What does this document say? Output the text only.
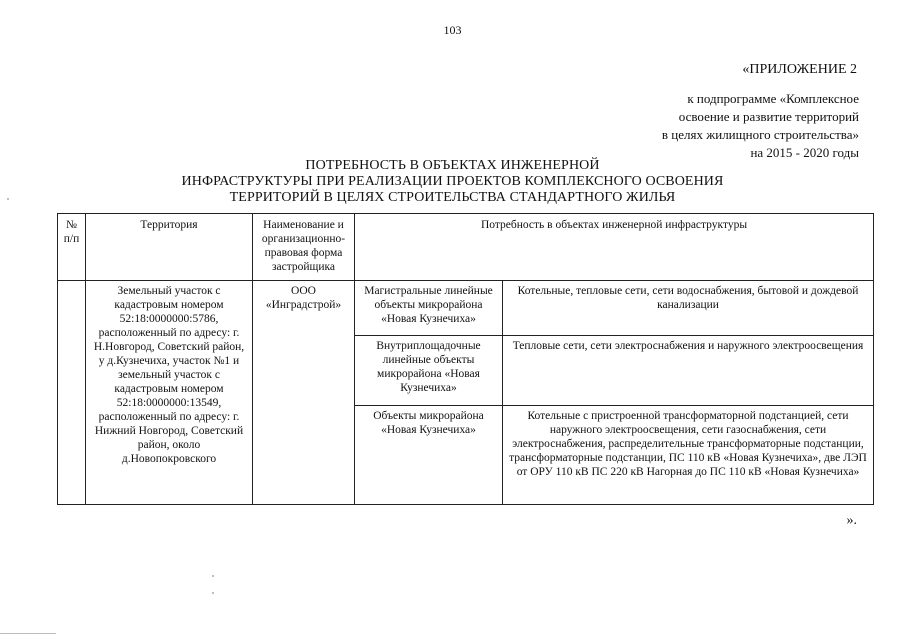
103
«ПРИЛОЖЕНИЕ 2
к подпрограмме «Комплексное
освоение и развитие территорий
в целях жилищного строительства»
на 2015 - 2020 годы
ПОТРЕБНОСТЬ В ОБЪЕКТАХ ИНЖЕНЕРНОЙ
ИНФРАСТРУКТУРЫ ПРИ РЕАЛИЗАЦИИ ПРОЕКТОВ КОМПЛЕКСНОГО ОСВОЕНИЯ
ТЕРРИТОРИЙ В ЦЕЛЯХ СТРОИТЕЛЬСТВА СТАНДАРТНОГО ЖИЛЬЯ
№ п/п	Территория	Наименование и организационно-правовая форма застройщика	Потребность в объектах инженерной инфраструктуры	
	Земельный участок с кадастровым номером 52:18:0000000:5786, расположенный по адресу: г. Н.Новгород, Советский район, у д.Кузнечиха, участок №1 и земельный участок с кадастровым номером 52:18:0000000:13549, расположенный по адресу: г. Нижний Новгород, Советский район, около д.Новопокровского	ООО «Инградстрой»	Магистральные линейные объекты микрорайона «Новая Кузнечиха»	Котельные, тепловые сети, сети водоснабжения, бытовой и дождевой канализации
			Внутриплощадочные линейные объекты микрорайона «Новая Кузнечиха»	Тепловые сети, сети электроснабжения и наружного электроосвещения
			Объекты микрорайона «Новая Кузнечиха»	Котельные с пристроенной трансформаторной подстанцией, сети наружного электроосвещения, сети газоснабжения, сети электроснабжения, распределительные трансформаторные подстанции, трансформаторные подстанции, ПС 110 кВ «Новая Кузнечиха», две ЛЭП от ОРУ 110 кВ ПС 220 кВ Нагорная до ПС 110 кВ «Новая Кузнечиха»
».
